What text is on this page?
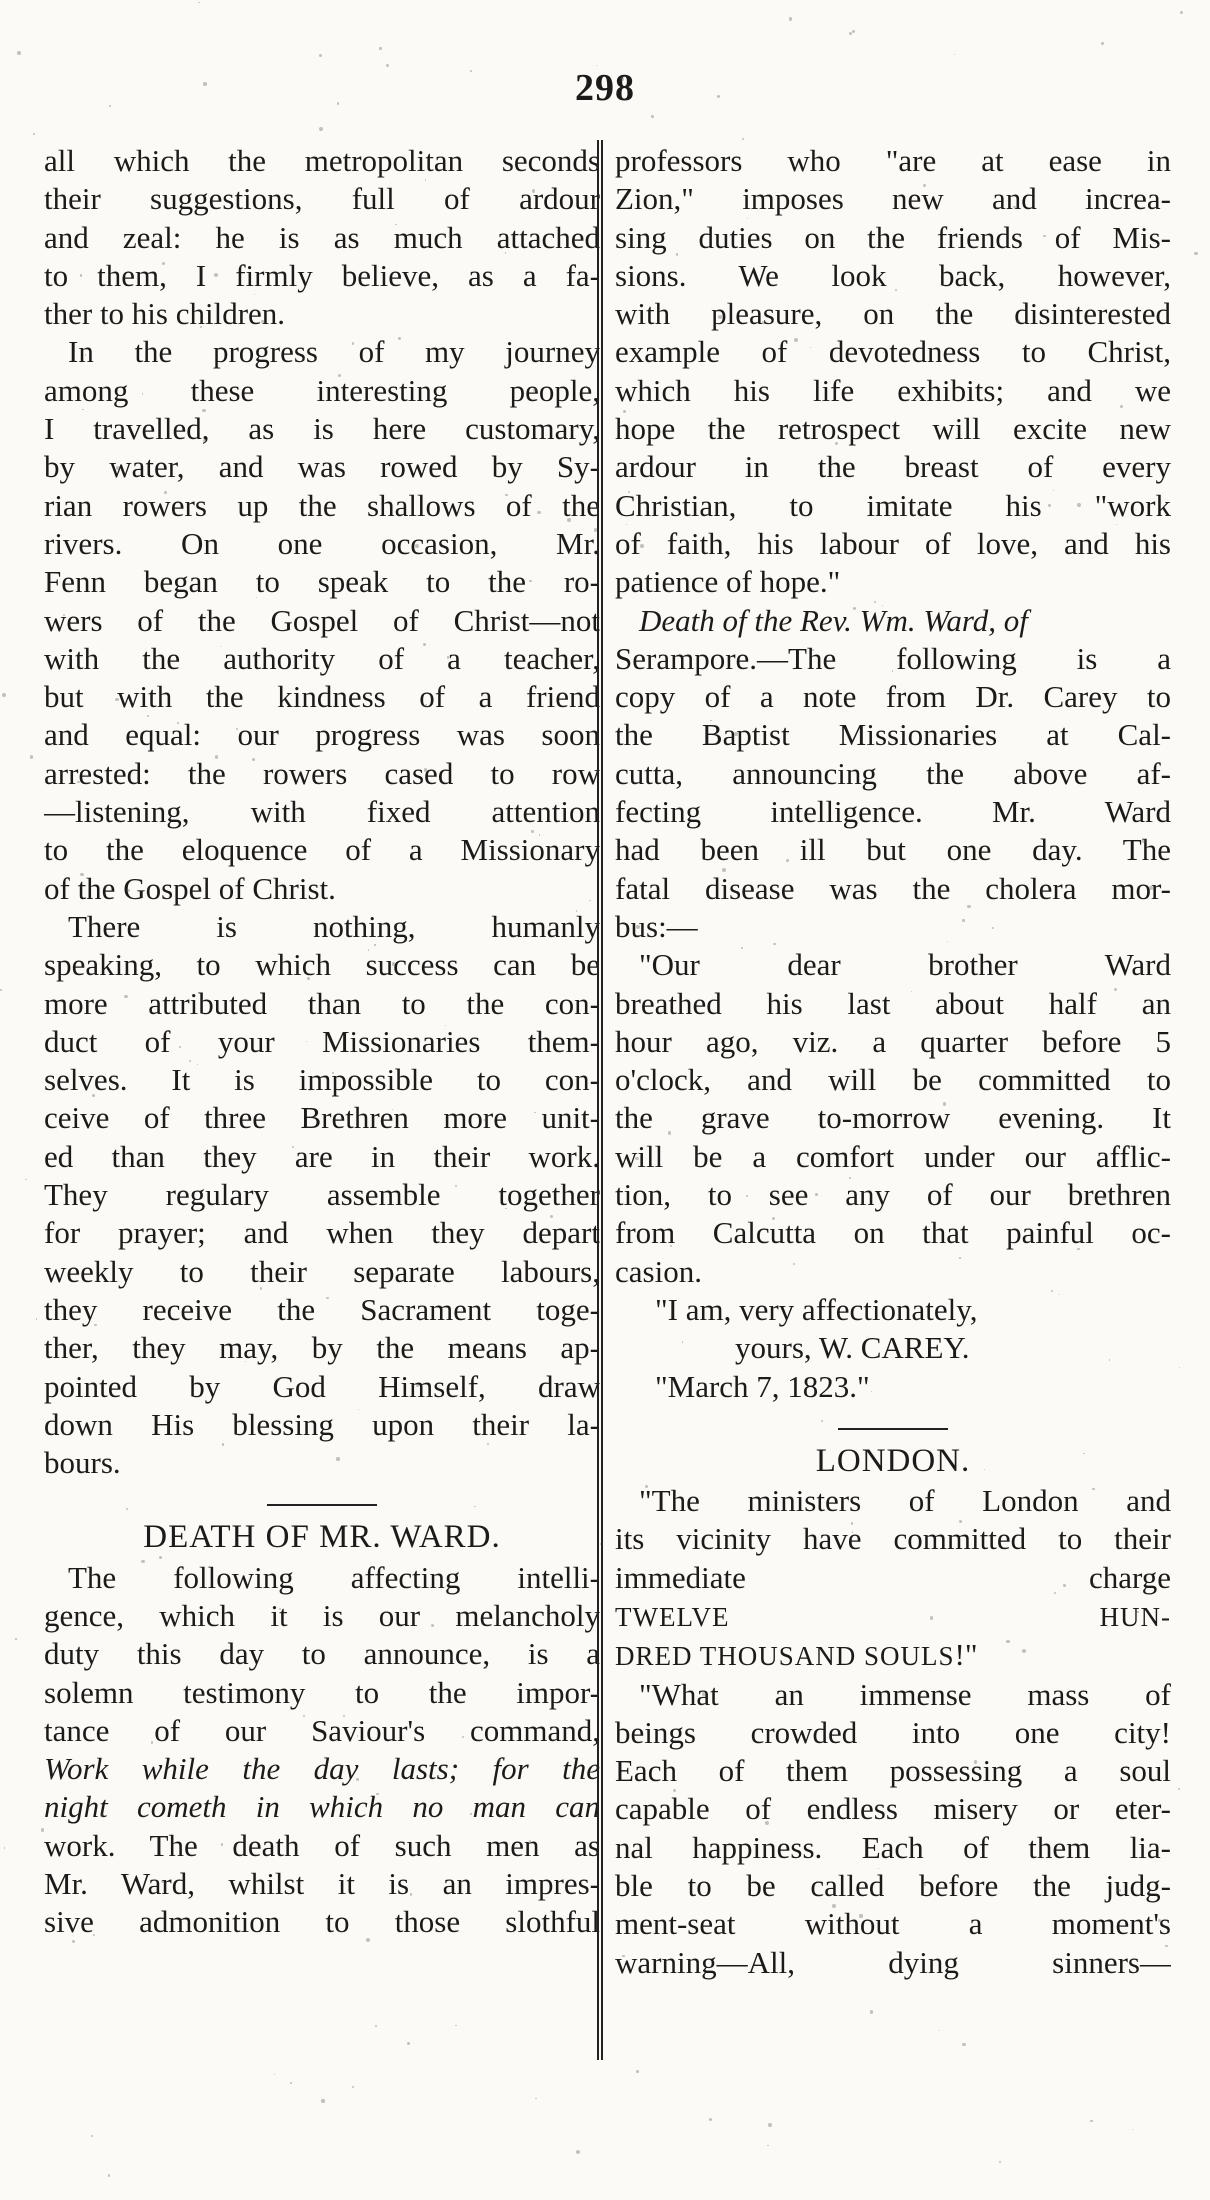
298
all which the metropolitan seconds
their suggestions, full of ardour
and zeal: he is as much attached
to them, I firmly believe, as a fa-
ther to his children.
In the progress of my journey
among these interesting people,
I travelled, as is here customary,
by water, and was rowed by Sy-
rian rowers up the shallows of the
rivers. On one occasion, Mr.
Fenn began to speak to the ro-
wers of the Gospel of Christ—not
with the authority of a teacher,
but with the kindness of a friend
and equal: our progress was soon
arrested: the rowers cased to row
—listening, with fixed attention
to the eloquence of a Missionary
of the Gospel of Christ.
There is nothing, humanly
speaking, to which success can be
more attributed than to the con-
duct of your Missionaries them-
selves. It is impossible to con-
ceive of three Brethren more unit-
ed than they are in their work.
They regulary assemble together
for prayer; and when they depart
weekly to their separate labours,
they receive the Sacrament toge-
ther, they may, by the means ap-
pointed by God Himself, draw
down His blessing upon their la-
bours.
DEATH OF MR. WARD.
The following affecting intelli-
gence, which it is our melancholy
duty this day to announce, is a
solemn testimony to the impor-
tance of our Saviour's command,
Work while the day lasts; for the
night cometh in which no man can
work. The death of such men as
Mr. Ward, whilst it is an impres-
sive admonition to those slothful
professors who "are at ease in
Zion," imposes new and increa-
sing duties on the friends of Mis-
sions. We look back, however,
with pleasure, on the disinterested
example of devotedness to Christ,
which his life exhibits; and we
hope the retrospect will excite new
ardour in the breast of every
Christian, to imitate his "work
of faith, his labour of love, and his
patience of hope."
Death of the Rev. Wm. Ward, of
Serampore.—The following is a
copy of a note from Dr. Carey to
the Baptist Missionaries at Cal-
cutta, announcing the above af-
fecting intelligence. Mr. Ward
had been ill but one day. The
fatal disease was the cholera mor-
bus:—
"Our dear brother Ward
breathed his last about half an
hour ago, viz. a quarter before 5
o'clock, and will be committed to
the grave to-morrow evening. It
will be a comfort under our afflic-
tion, to see any of our brethren
from Calcutta on that painful oc-
casion.
"I am, very affectionately,
yours, W. CAREY.
"March 7, 1823."
LONDON.
"The ministers of London and
its vicinity have committed to their
immediate charge
TWELVE HUN-
DRED THOUSAND SOULS!"
"What an immense mass of
beings crowded into one city!
Each of them possessing a soul
capable of endless misery or eter-
nal happiness. Each of them lia-
ble to be called before the judg-
ment-seat without a moment's
warning—All, dying sinners—
